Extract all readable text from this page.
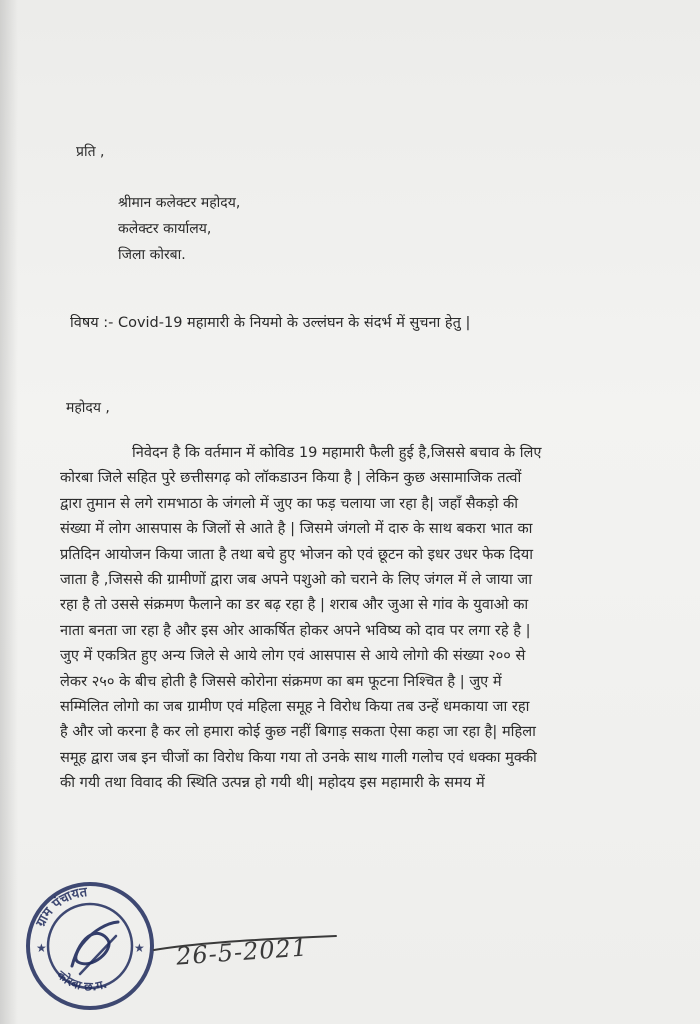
प्रति ,
श्रीमान कलेक्टर महोदय,
कलेक्टर कार्यालय,
जिला कोरबा.
विषय :- Covid-19 महामारी के नियमो के उल्लंघन के संदर्भ में सुचना हेतु |
महोदय ,
निवेदन है कि वर्तमान में कोविड 19 महामारी फैली हुई है,जिससे बचाव के लिए
कोरबा जिले सहित पुरे छत्तीसगढ़ को लॉकडाउन किया है | लेकिन कुछ असामाजिक तत्वों
द्वारा तुमान से लगे रामभाठा के जंगलो में जुए का फड़ चलाया जा रहा है| जहाँ सैकड़ो की
संख्या में लोग आसपास के जिलों से आते है | जिसमे जंगलो में दारु के साथ बकरा भात का
प्रतिदिन आयोजन किया जाता है तथा बचे हुए भोजन को एवं छूटन को इधर उधर फेक दिया
जाता है ,जिससे की ग्रामीणों द्वारा जब अपने पशुओ को चराने के लिए जंगल में ले जाया जा
रहा है तो उससे संक्रमण फैलाने का डर बढ़ रहा है | शराब और जुआ से गांव के युवाओ का
नाता बनता जा रहा है और इस ओर आकर्षित होकर अपने भविष्य को दाव पर लगा रहे है |
जुए में एकत्रित हुए अन्य जिले से आये लोग एवं आसपास से आये लोगो की संख्या २०० से
लेकर २५० के बीच होती है जिससे कोरोना संक्रमण का बम फूटना निश्चित है | जुए में
सम्मिलित लोगो का जब ग्रामीण एवं महिला समूह ने विरोध किया तब उन्हें धमकाया जा रहा
है और जो करना है कर लो हमारा कोई कुछ नहीं बिगाड़ सकता ऐसा कहा जा रहा है| महिला
समूह द्वारा जब इन चीजों का विरोध किया गया तो उनके साथ गाली गलोच एवं धक्का मुक्की
की गयी तथा विवाद की स्थिति उत्पन्न हो गयी थी| महोदय इस महामारी के समय में
ग्राम पंचायत
कोरबा छ.ग.
★	★ 26-5-2021
